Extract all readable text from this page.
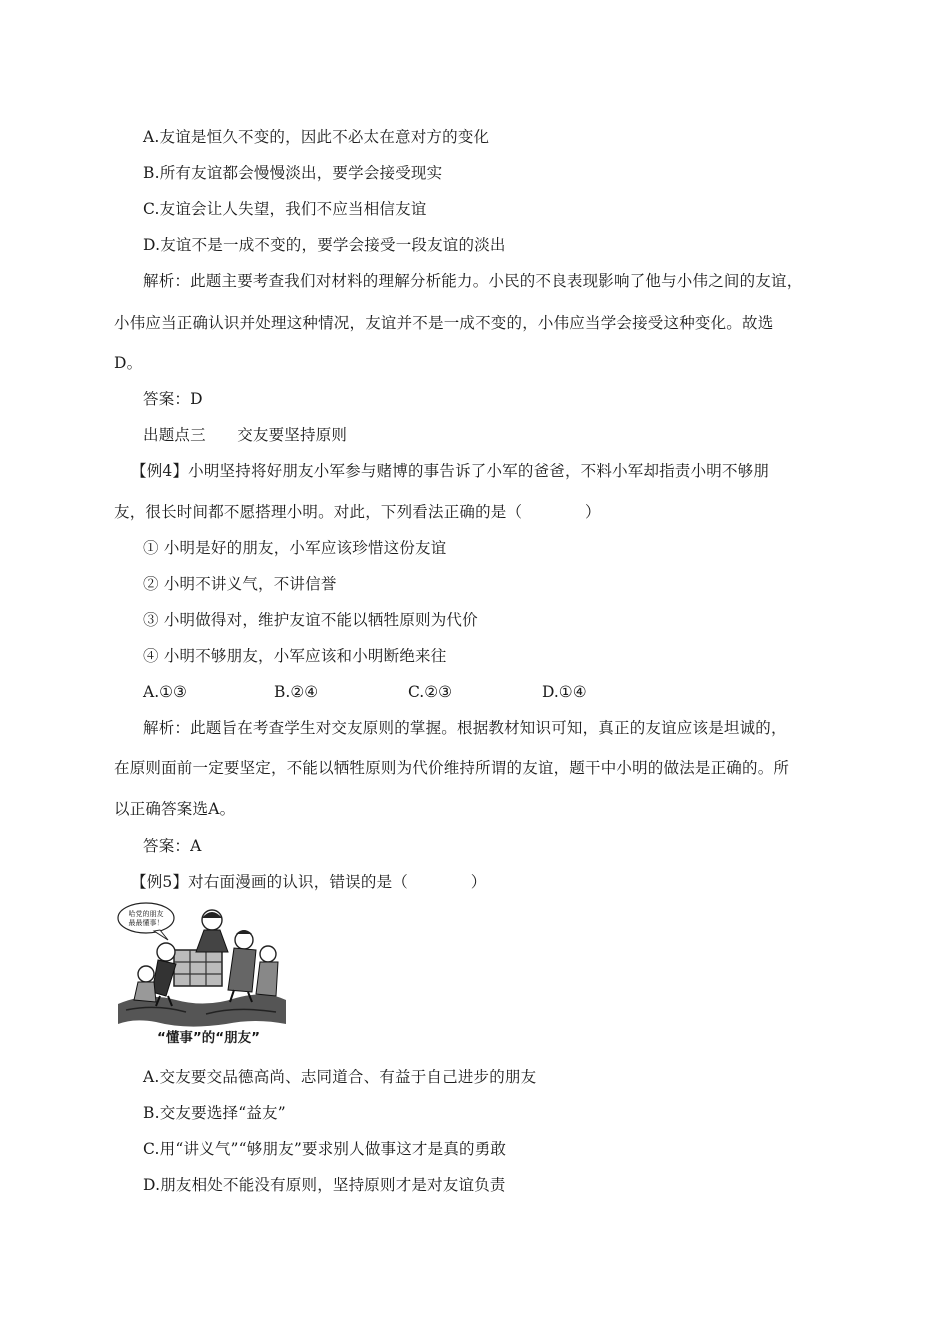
A.友谊是恒久不变的，因此不必太在意对方的变化
B.所有友谊都会慢慢淡出，要学会接受现实
C.友谊会让人失望，我们不应当相信友谊
D.友谊不是一成不变的，要学会接受一段友谊的淡出
解析：此题主要考查我们对材料的理解分析能力。小民的不良表现影响了他与小伟之间的友谊，
小伟应当正确认识并处理这种情况，友谊并不是一成不变的，小伟应当学会接受这种变化。故选
D。
答案：D
出题点三　　交友要坚持原则
【例4】小明坚持将好朋友小军参与赌博的事告诉了小军的爸爸，不料小军却指责小明不够朋
友，很长时间都不愿搭理小明。对此，下列看法正确的是（　　　　）
① 小明是好的朋友，小军应该珍惜这份友谊
② 小明不讲义气，不讲信誉
③ 小明做得对，维护友谊不能以牺牲原则为代价
④ 小明不够朋友，小军应该和小明断绝来往
A.①③	B.②④	C.②③	D.①④
解析：此题旨在考查学生对交友原则的掌握。根据教材知识可知，真正的友谊应该是坦诚的，
在原则面前一定要坚定，不能以牺牲原则为代价维持所谓的友谊，题干中小明的做法是正确的。所
以正确答案选A。
答案：A
【例5】对右面漫画的认识，错误的是（　　　　）
哈党的朋友
最最懂事！
“懂事”的“朋友”
A.交友要交品德高尚、志同道合、有益于自己进步的朋友
B.交友要选择“益友”
C.用“讲义气”“够朋友”要求别人做事这才是真的勇敢
D.朋友相处不能没有原则，坚持原则才是对友谊负责
